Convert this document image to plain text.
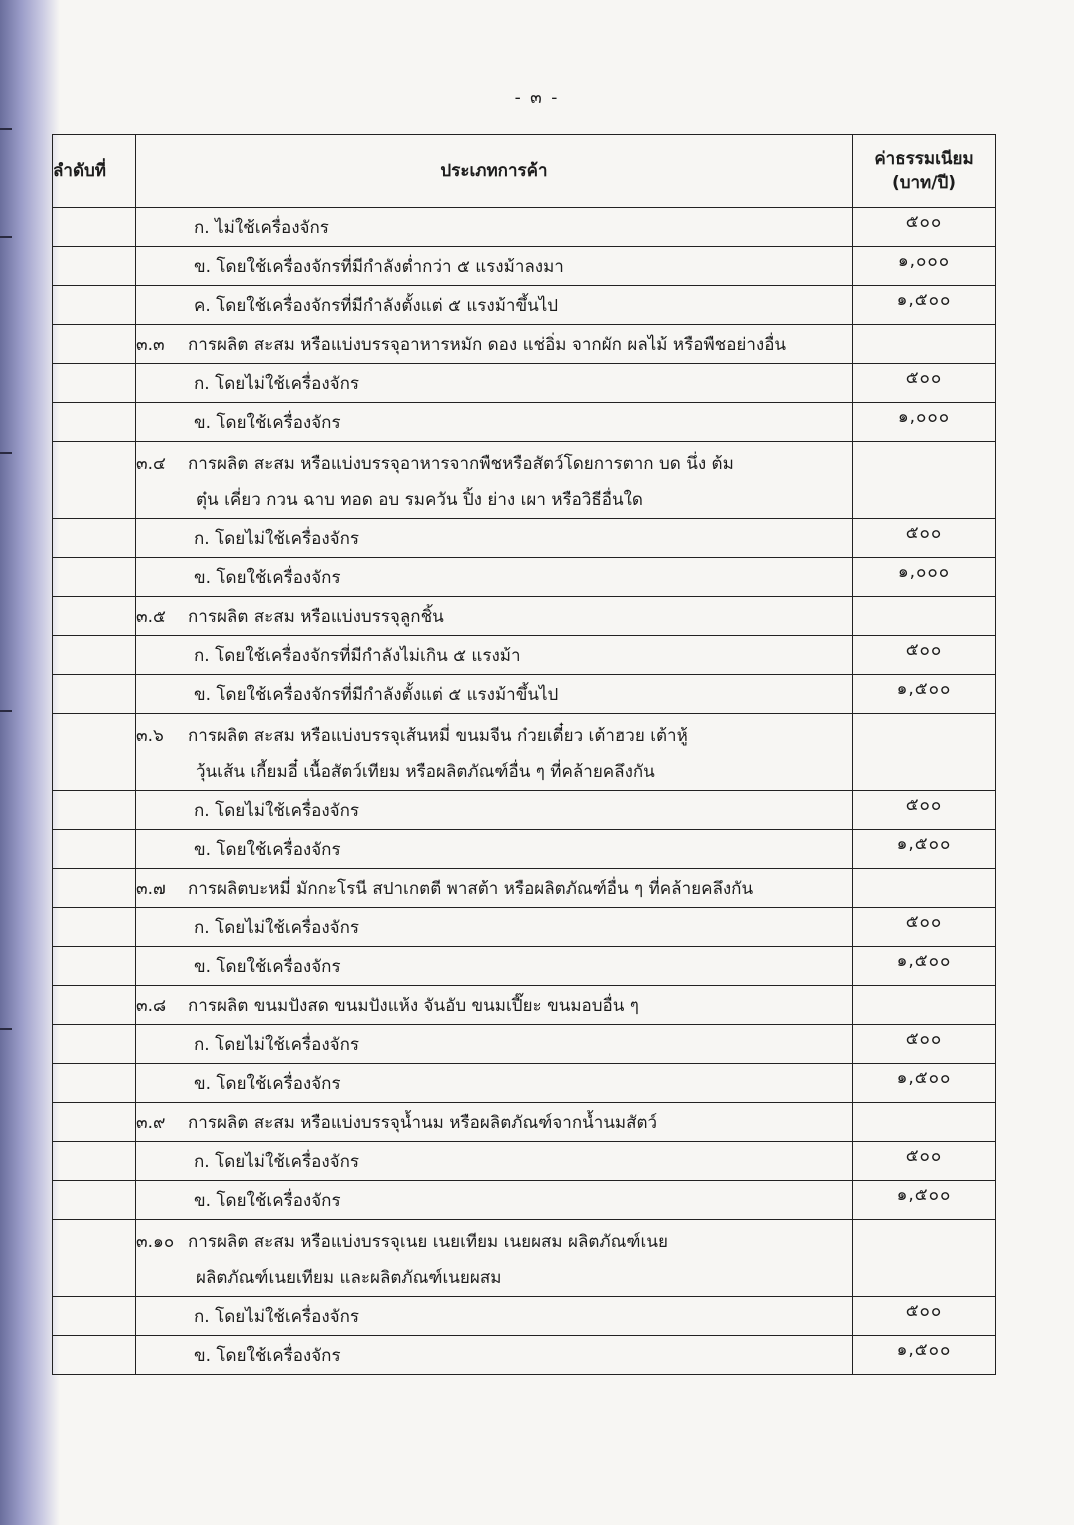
- ๓ -
ลำดับที่	ประเภทการค้า	ค่าธรรมเนียม
(บาท/ปี)

	ก. ไม่ใช้เครื่องจักร	๕๐๐
	ข. โดยใช้เครื่องจักรที่มีกำลังต่ำกว่า ๕ แรงม้าลงมา	๑,๐๐๐
	ค. โดยใช้เครื่องจักรที่มีกำลังตั้งแต่ ๕ แรงม้าขึ้นไป	๑,๕๐๐
	๓.๓ การผลิต สะสม หรือแบ่งบรรจุอาหารหมัก ดอง แช่อิ่ม จากผัก ผลไม้ หรือพืชอย่างอื่น	
	ก. โดยไม่ใช้เครื่องจักร	๕๐๐
	ข. โดยใช้เครื่องจักร	๑,๐๐๐
	๓.๔ การผลิต สะสม หรือแบ่งบรรจุอาหารจากพืชหรือสัตว์โดยการตาก บด นึ่ง ต้ม
ตุ๋น เคี่ยว กวน ฉาบ ทอด อบ รมควัน ปิ้ง ย่าง เผา หรือวิธีอื่นใด	

	ก. โดยไม่ใช้เครื่องจักร	๕๐๐
	ข. โดยใช้เครื่องจักร	๑,๐๐๐
	๓.๕ การผลิต สะสม หรือแบ่งบรรจุลูกชิ้น	
	ก. โดยใช้เครื่องจักรที่มีกำลังไม่เกิน ๕ แรงม้า	๕๐๐
	ข. โดยใช้เครื่องจักรที่มีกำลังตั้งแต่ ๕ แรงม้าขึ้นไป	๑,๕๐๐
	๓.๖ การผลิต สะสม หรือแบ่งบรรจุเส้นหมี่ ขนมจีน ก๋วยเตี๋ยว เต้าฮวย เต้าหู้
วุ้นเส้น เกี้ยมอี๋ เนื้อสัตว์เทียม หรือผลิตภัณฑ์อื่น ๆ ที่คล้ายคลึงกัน	

	ก. โดยไม่ใช้เครื่องจักร	๕๐๐
	ข. โดยใช้เครื่องจักร	๑,๕๐๐
	๓.๗ การผลิตบะหมี่ มักกะโรนี สปาเกตตี พาสต้า หรือผลิตภัณฑ์อื่น ๆ ที่คล้ายคลึงกัน	
	ก. โดยไม่ใช้เครื่องจักร	๕๐๐
	ข. โดยใช้เครื่องจักร	๑,๕๐๐
	๓.๘ การผลิต ขนมปังสด ขนมปังแห้ง จันอับ ขนมเปี๊ยะ ขนมอบอื่น ๆ	
	ก. โดยไม่ใช้เครื่องจักร	๕๐๐
	ข. โดยใช้เครื่องจักร	๑,๕๐๐
	๓.๙ การผลิต สะสม หรือแบ่งบรรจุน้ำนม หรือผลิตภัณฑ์จากน้ำนมสัตว์	
	ก. โดยไม่ใช้เครื่องจักร	๕๐๐
	ข. โดยใช้เครื่องจักร	๑,๕๐๐
	๓.๑๐ การผลิต สะสม หรือแบ่งบรรจุเนย เนยเทียม เนยผสม ผลิตภัณฑ์เนย
ผลิตภัณฑ์เนยเทียม และผลิตภัณฑ์เนยผสม	

	ก. โดยไม่ใช้เครื่องจักร	๕๐๐
	ข. โดยใช้เครื่องจักร	๑,๕๐๐
